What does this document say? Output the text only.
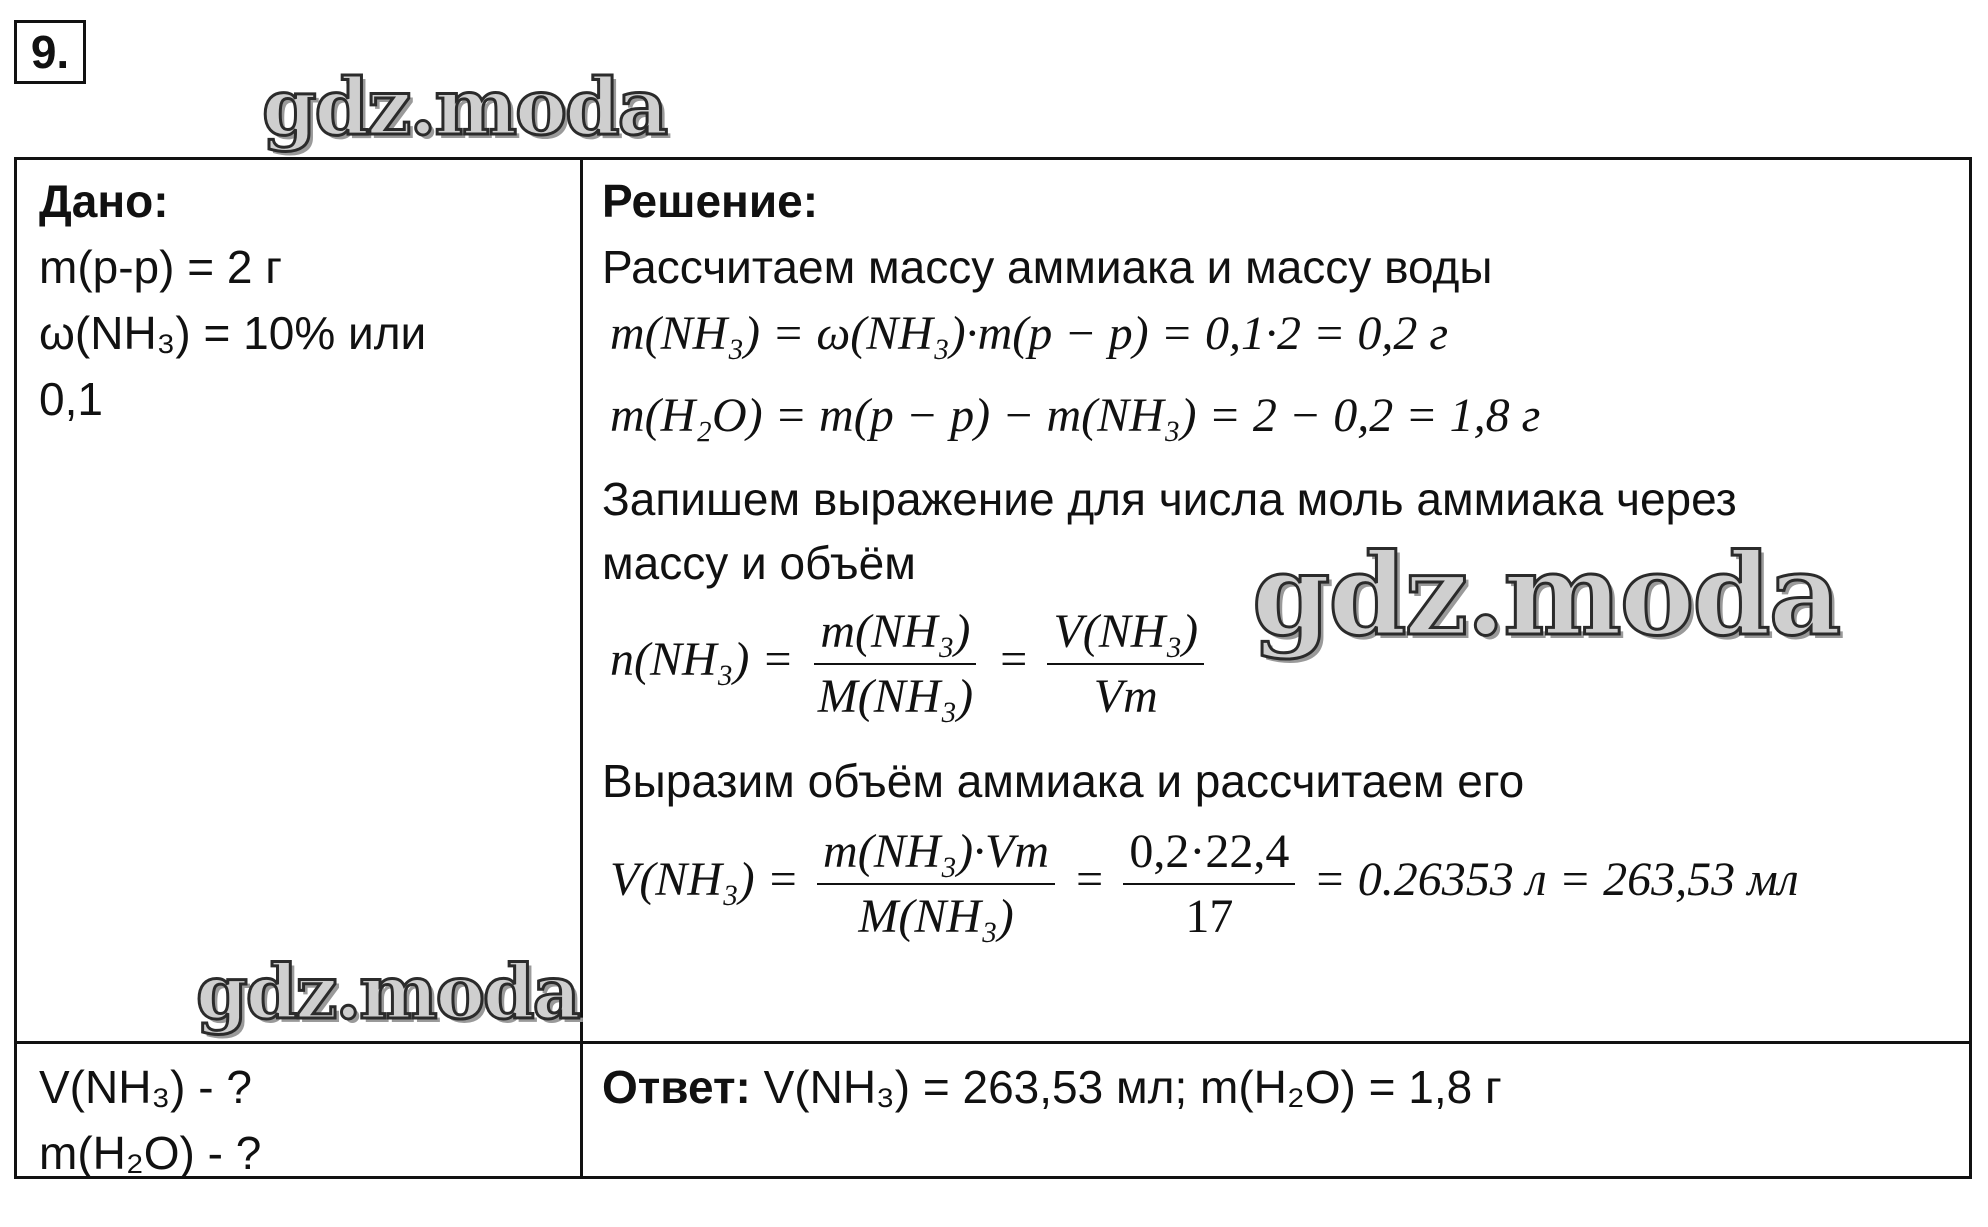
9.
Дано:
m(р-р) = 2 г
ω(NH₃) = 10% или
0,1
V(NH₃) - ?
m(H₂O) - ?
Решение:
Рассчитаем массу аммиака и массу воды
m(NH₃) = ω(NH₃)·m(р − р) = 0,1·2 = 0,2 г
m(H₂O) = m(р − р) − m(NH₃) = 2 − 0,2 = 1,8 г
Запишем выражение для числа моль аммиака через
массу и объём
$n(NH_3) = \frac{\text{m(NH₃)}}{\text{M(NH₃)}} = \frac{\text{V(NH₃)}}{Vm}$
Выразим объём аммиака и рассчитаем его
$V(NH_3) = \frac{\text{m(NH₃)·Vm}}{\text{M(NH₃)}} = \frac{0,2\cdot 22,4}{17} = 0.26353$ л = 263,53 мл
Ответ: V(NH₃) = 263,53 мл; m(H₂O) = 1,8 г
gdz.moda
gdz.moda
gdz.moda
